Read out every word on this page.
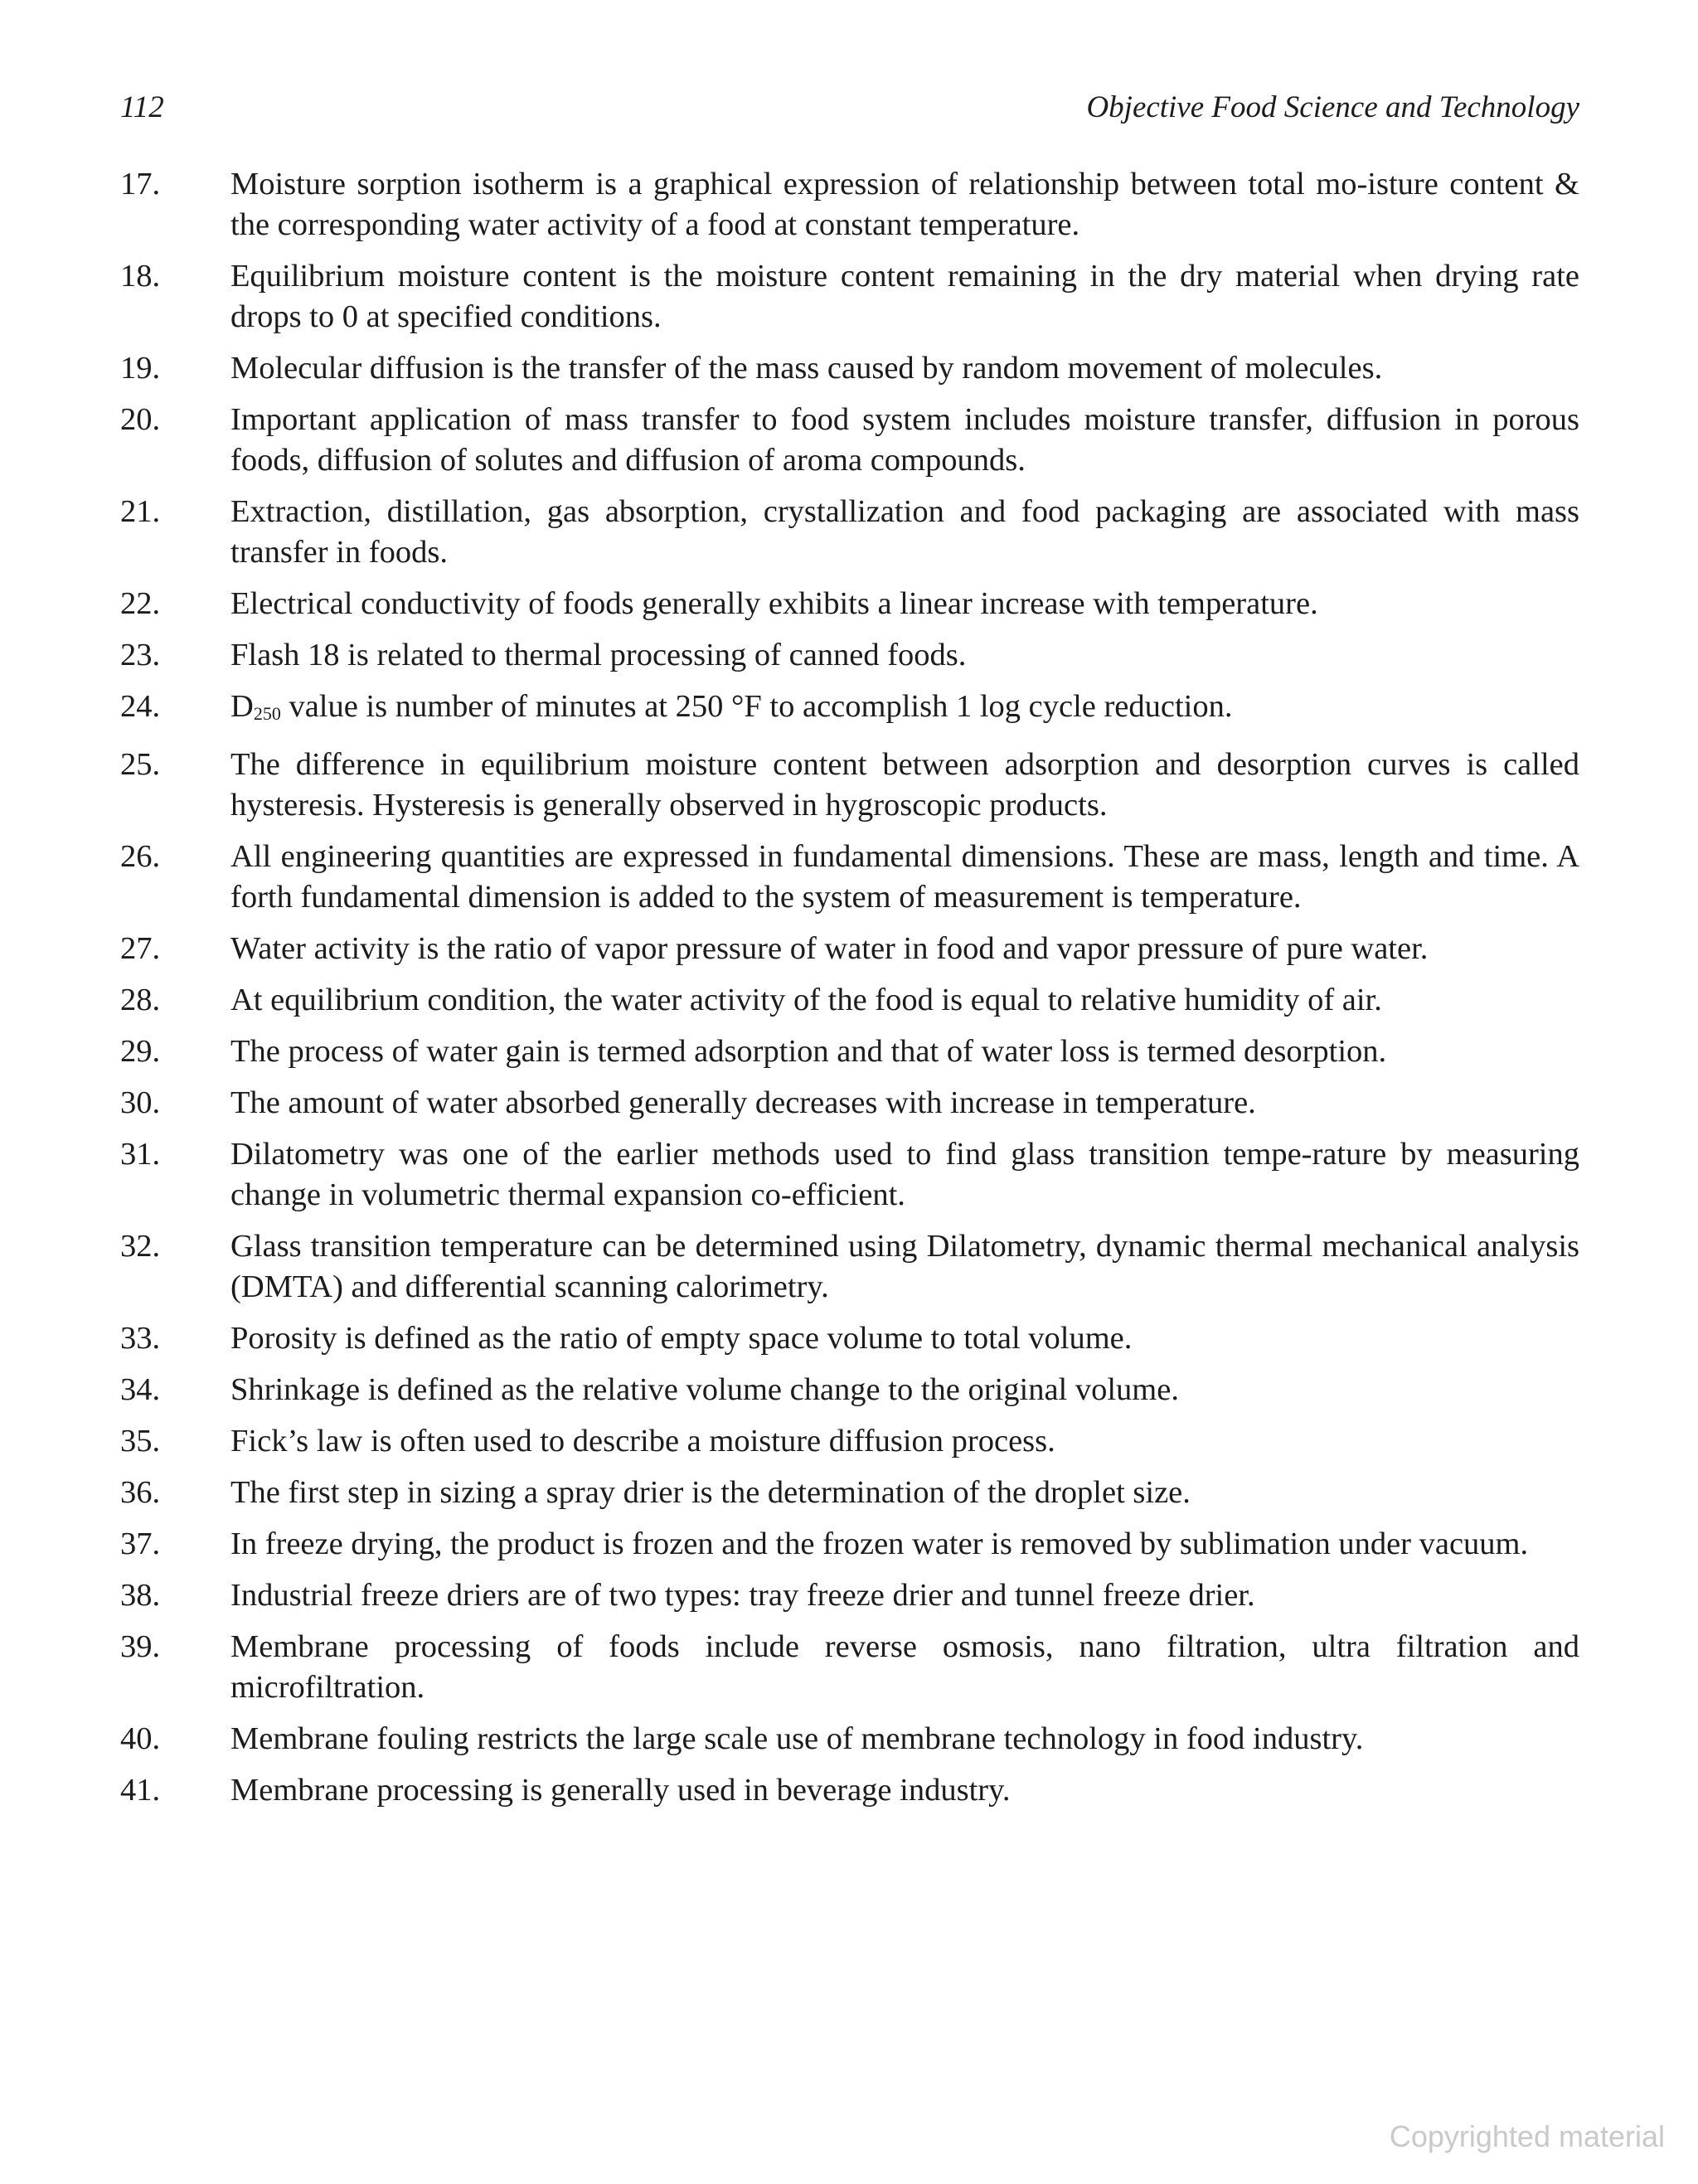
112	Objective Food Science and Technology
17.	Moisture sorption isotherm is a graphical expression of relationship between total mo-isture content & the corresponding water activity of a food at constant temperature.
18.	Equilibrium moisture content is the moisture content remaining in the dry material when drying rate drops to 0 at specified conditions.
19.	Molecular diffusion is the transfer of the mass caused by random movement of molecules.
20.	Important application of mass transfer to food system includes moisture transfer, diffusion in porous foods, diffusion of solutes and diffusion of aroma compounds.
21.	Extraction, distillation, gas absorption, crystallization and food packaging are associated with mass transfer in foods.
22.	Electrical conductivity of foods generally exhibits a linear increase with temperature.
23.	Flash 18 is related to thermal processing of canned foods.
24.	$D_{250}$ value is number of minutes at 250 °F to accomplish 1 log cycle reduction.
25.	The difference in equilibrium moisture content between adsorption and desorption curves is called hysteresis. Hysteresis is generally observed in hygroscopic products.
26.	All engineering quantities are expressed in fundamental dimensions. These are mass, length and time. A forth fundamental dimension is added to the system of measurement is temperature.
27.	Water activity is the ratio of vapor pressure of water in food and vapor pressure of pure water.
28.	At equilibrium condition, the water activity of the food is equal to relative humidity of air.
29.	The process of water gain is termed adsorption and that of water loss is termed desorption.
30.	The amount of water absorbed generally decreases with increase in temperature.
31.	Dilatometry was one of the earlier methods used to find glass transition tempe-rature by measuring change in volumetric thermal expansion co-efficient.
32.	Glass transition temperature can be determined using Dilatometry, dynamic thermal mechanical analysis (DMTA) and differential scanning calorimetry.
33.	Porosity is defined as the ratio of empty space volume to total volume.
34.	Shrinkage is defined as the relative volume change to the original volume.
35.	Fick’s law is often used to describe a moisture diffusion process.
36.	The first step in sizing a spray drier is the determination of the droplet size.
37.	In freeze drying, the product is frozen and the frozen water is removed by sublimation under vacuum.
38.	Industrial freeze driers are of two types: tray freeze drier and tunnel freeze drier.
39.	Membrane processing of foods include reverse osmosis, nano filtration, ultra filtration and microfiltration.
40.	Membrane fouling restricts the large scale use of membrane technology in food industry.
41.	Membrane processing is generally used in beverage industry.
Copyrighted material
